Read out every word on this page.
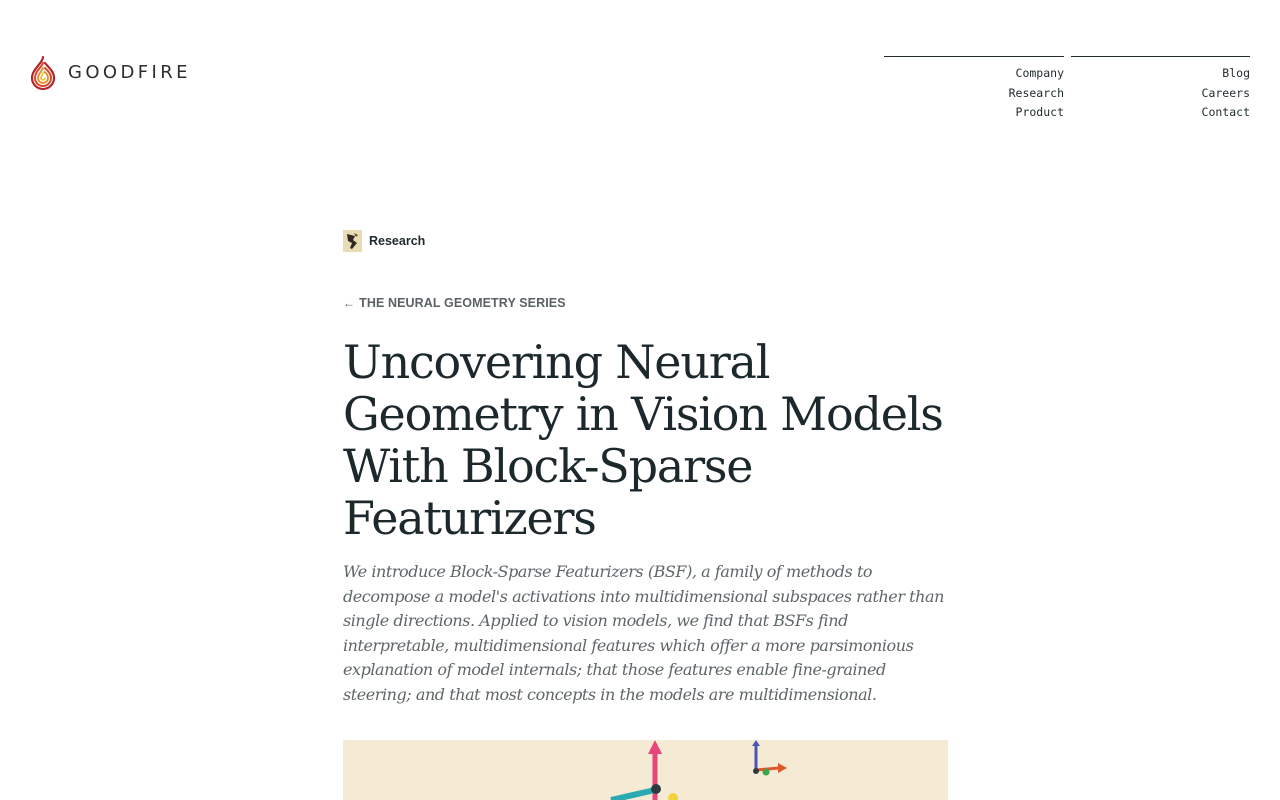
GOODFIRE	Company
Research
Product
Blog
Careers
Contact
Research
← THE NEURAL GEOMETRY SERIES
Uncovering Neural Geometry in Vision Models With Block-Sparse Featurizers

We introduce Block-Sparse Featurizers (BSF), a family of methods to decompose a model's activations into multidimensional subspaces rather than single directions. Applied to vision models, we find that BSFs find interpretable, multidimensional features which offer a more parsimonious explanation of model internals; that those features enable fine-grained steering; and that most concepts in the models are multidimensional.
